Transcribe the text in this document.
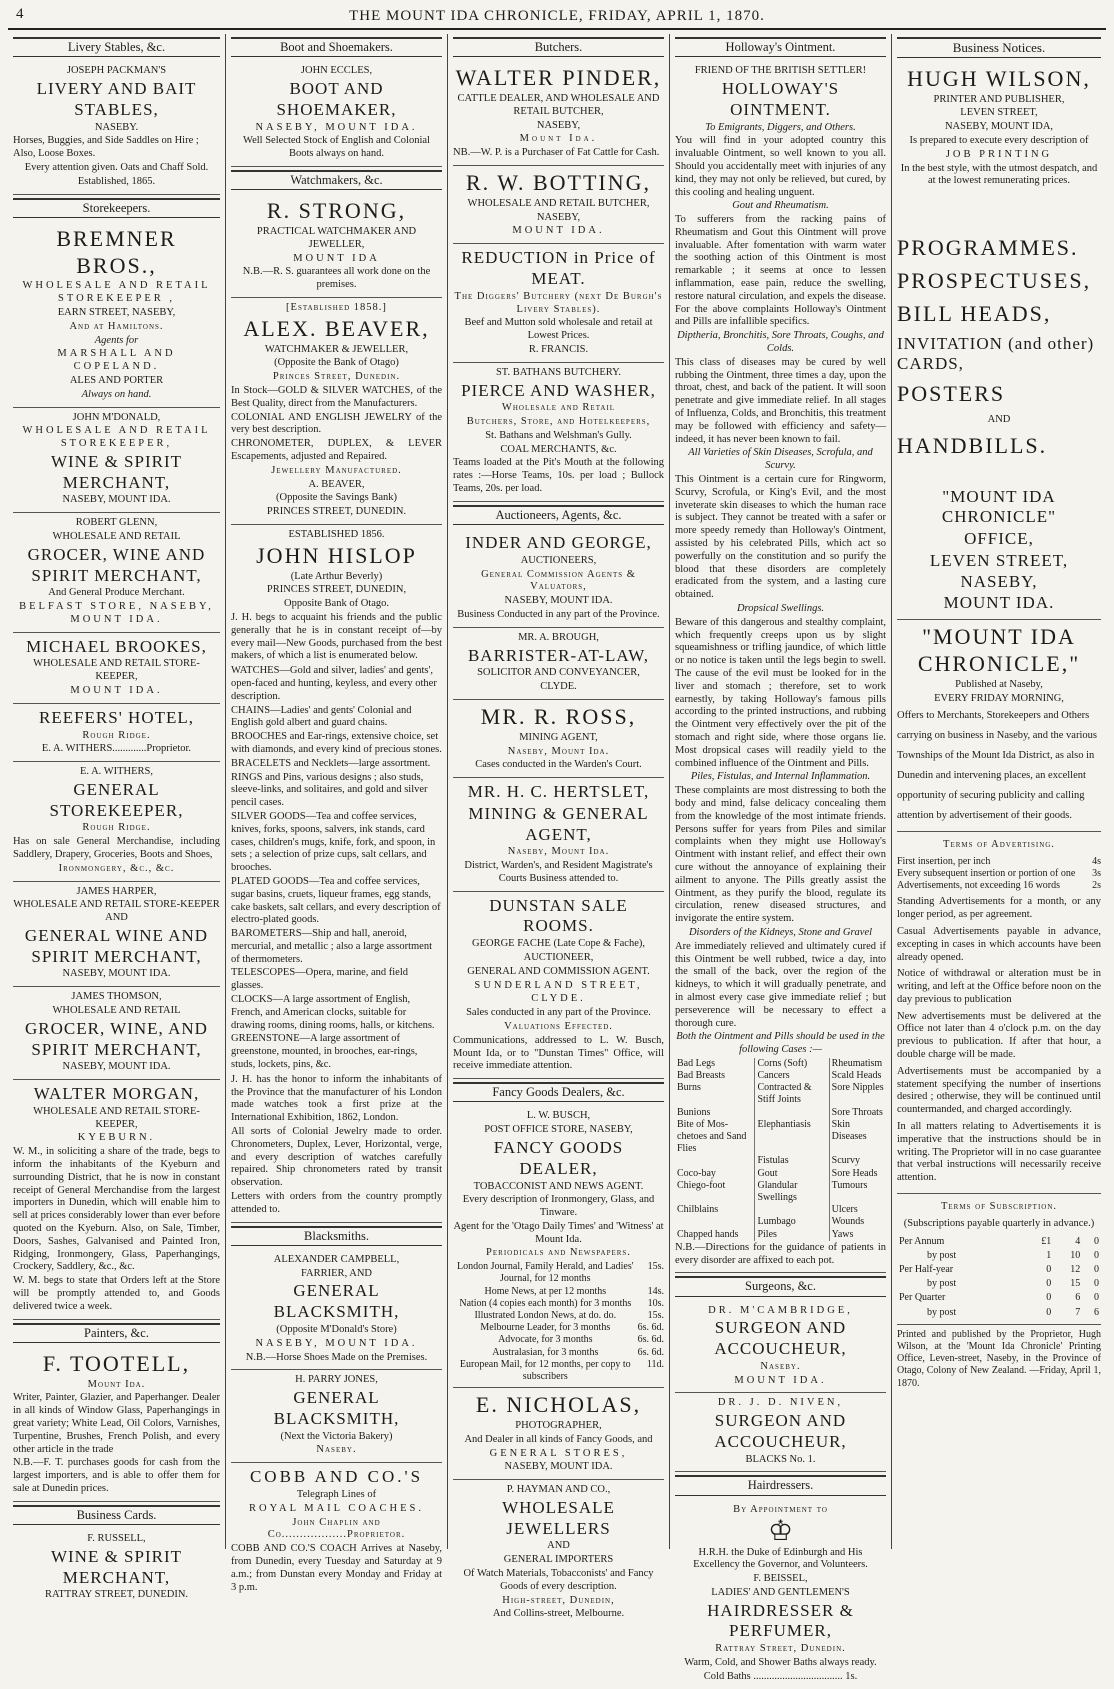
4	THE MOUNT IDA CHRONICLE, FRIDAY, APRIL 1, 1870.
Livery Stables, &c.

JOSEPH PACKMAN'S

LIVERY AND BAIT STABLES,

NASEBY.

Horses, Buggies, and Side Saddles on Hire ; Also, Loose Boxes.

Every attention given. Oats and Chaff Sold.

Established, 1865.

Storekeepers.

BREMNER BROS.,

WHOLESALE AND RETAIL STOREKEEPER ,

EARN STREET, NASEBY,

And at Hamiltons.

Agents for

MARSHALL AND COPELAND.

ALES AND PORTER

Always on hand.

JOHN M'DONALD,

WHOLESALE AND RETAIL STOREKEEPER,

WINE & SPIRIT MERCHANT,

NASEBY, MOUNT IDA.

ROBERT GLENN,

WHOLESALE AND RETAIL

GROCER, WINE AND SPIRIT MERCHANT,

And General Produce Merchant.

BELFAST STORE, NASEBY, MOUNT IDA.

MICHAEL BROOKES,

WHOLESALE AND RETAIL STORE-KEEPER,

MOUNT IDA.

REEFERS' HOTEL,

Rough Ridge.

E. A. WITHERS.............Proprietor.

E. A. WITHERS,

GENERAL STOREKEEPER,

Rough Ridge.

Has on sale General Merchandise, including Saddlery, Drapery, Groceries, Boots and Shoes,

Ironmongery, &c., &c.

JAMES HARPER,

WHOLESALE AND RETAIL STORE-KEEPER AND

GENERAL WINE AND SPIRIT MERCHANT,

NASEBY, MOUNT IDA.

JAMES THOMSON,

WHOLESALE AND RETAIL

GROCER, WINE, AND SPIRIT MERCHANT,

NASEBY, MOUNT IDA.

WALTER MORGAN,

WHOLESALE AND RETAIL STORE-KEEPER,

KYEBURN.

W. M., in soliciting a share of the trade, begs to inform the inhabitants of the Kyeburn and surrounding District, that he is now in constant receipt of General Merchandise from the largest importers in Dunedin, which will enable him to sell at prices considerably lower than ever before quoted on the Kyeburn. Also, on Sale, Timber, Doors, Sashes, Galvanised and Painted Iron, Ridging, Ironmongery, Glass, Paperhangings, Crockery, Saddlery, &c., &c.

W. M. begs to state that Orders left at the Store will be promptly attended to, and Goods delivered twice a week.

Painters, &c.

F. TOOTELL,

Mount Ida.

Writer, Painter, Glazier, and Paperhanger. Dealer in all kinds of Window Glass, Paperhangings in great variety; White Lead, Oil Colors, Varnishes, Turpentine, Brushes, French Polish, and every other article in the trade

N.B.—F. T. purchases goods for cash from the largest importers, and is able to offer them for sale at Dunedin prices.

Business Cards.

F. RUSSELL,

WINE & SPIRIT MERCHANT,

RATTRAY STREET, DUNEDIN.

Boot and Shoemakers.

JOHN ECCLES,

BOOT AND SHOEMAKER,

NASEBY, MOUNT IDA.

Well Selected Stock of English and Colonial Boots always on hand.

Watchmakers, &c.

R. STRONG,

PRACTICAL WATCHMAKER AND JEWELLER,

MOUNT IDA

N.B.—R. S. guarantees all work done on the premises.

[Established 1858.]

ALEX. BEAVER,

WATCHMAKER & JEWELLER,

(Opposite the Bank of Otago)

Princes Street, Dunedin.

In Stock—GOLD & SILVER WATCHES, of the Best Quality, direct from the Manufacturers.

COLONIAL AND ENGLISH JEWELRY of the very best description.

CHRONOMETER, DUPLEX, & LEVER Escapements, adjusted and Repaired.

Jewellery Manufactured.

A. BEAVER,

(Opposite the Savings Bank)

PRINCES STREET, DUNEDIN.

ESTABLISHED 1856.

JOHN HISLOP

(Late Arthur Beverly)

PRINCES STREET, DUNEDIN,

Opposite Bank of Otago.

J. H. begs to acquaint his friends and the public generally that he is in constant receipt of—by every mail—New Goods, purchased from the best makers, of which a list is enumerated below.

WATCHES—Gold and silver, ladies' and gents', open-faced and hunting, keyless, and every other description.
CHAINS—Ladies' and gents' Colonial and English gold albert and guard chains.
BROOCHES and Ear-rings, extensive choice, set with diamonds, and every kind of precious stones.
BRACELETS and Necklets—large assortment.
RINGS and Pins, various designs ; also studs, sleeve-links, and solitaires, and gold and silver pencil cases.
SILVER GOODS—Tea and coffee services, knives, forks, spoons, salvers, ink stands, card cases, children's mugs, knife, fork, and spoon, in sets ; a selection of prize cups, salt cellars, and brooches.
PLATED GOODS—Tea and coffee services, sugar basins, cruets, liqueur frames, egg stands, cake baskets, salt cellars, and every description of electro-plated goods.
BAROMETERS—Ship and hall, aneroid, mercurial, and metallic ; also a large assortment of thermometers.
TELESCOPES—Opera, marine, and field glasses.
CLOCKS—A large assortment of English, French, and American clocks, suitable for drawing rooms, dining rooms, halls, or kitchens.
GREENSTONE—A large assortment of greenstone, mounted, in brooches, ear-rings, studs, lockets, pins, &c.

J. H. has the honor to inform the inhabitants of the Province that the manufacturer of his London made watches took a first prize at the International Exhibition, 1862, London.

All sorts of Colonial Jewelry made to order. Chronometers, Duplex, Lever, Horizontal, verge, and every description of watches carefully repaired. Ship chronometers rated by transit observation.

Letters with orders from the country promptly attended to.

Blacksmiths.

ALEXANDER CAMPBELL,

FARRIER, AND

GENERAL BLACKSMITH,

(Opposite M'Donald's Store)

NASEBY, MOUNT IDA.

N.B.—Horse Shoes Made on the Premises.

H. PARRY JONES,

GENERAL BLACKSMITH,

(Next the Victoria Bakery)

Naseby.

COBB AND CO.'S

Telegraph Lines of

ROYAL MAIL COACHES.

John Chaplin and Co..................Proprietor.

COBB AND CO.'S COACH Arrives at Naseby, from Dunedin, every Tuesday and Saturday at 9 a.m.; from Dunstan every Monday and Friday at 3 p.m.

Butchers.

WALTER PINDER,

CATTLE DEALER, AND WHOLESALE AND RETAIL BUTCHER,

NASEBY,

Mount Ida.

NB.—W. P. is a Purchaser of Fat Cattle for Cash.

R. W. BOTTING,

WHOLESALE AND RETAIL BUTCHER,

NASEBY,

MOUNT IDA.

REDUCTION in Price of MEAT.

The Diggers' Butchery (next De Burgh's Livery Stables).

Beef and Mutton sold wholesale and retail at Lowest Prices.

R. FRANCIS.

ST. BATHANS BUTCHERY.

PIERCE AND WASHER,

Wholesale and Retail

Butchers, Store, and Hotelkeepers,

St. Bathans and Welshman's Gully.

COAL MERCHANTS, &c.

Teams loaded at the Pit's Mouth at the following rates :—Horse Teams, 10s. per load ; Bullock Teams, 20s. per load.

Auctioneers, Agents, &c.

INDER AND GEORGE,

AUCTIONEERS,

General Commission Agents & Valuators,

NASEBY, MOUNT IDA.

Business Conducted in any part of the Province.

MR. A. BROUGH,

BARRISTER-AT-LAW,

SOLICITOR AND CONVEYANCER,

CLYDE.

MR. R. ROSS,

MINING AGENT,

Naseby, Mount Ida.

Cases conducted in the Warden's Court.

MR. H. C. HERTSLET,

MINING & GENERAL AGENT,

Naseby, Mount Ida.

District, Warden's, and Resident Magistrate's Courts Business attended to.

DUNSTAN SALE ROOMS.

GEORGE FACHE (Late Cope & Fache),

AUCTIONEER,

GENERAL AND COMMISSION AGENT.

SUNDERLAND STREET,

CLYDE.

Sales conducted in any part of the Province.

Valuations Effected.

Communications, addressed to L. W. Busch, Mount Ida, or to "Dunstan Times" Office, will receive immediate attention.

Fancy Goods Dealers, &c.

L. W. BUSCH,

POST OFFICE STORE, NASEBY,

FANCY GOODS DEALER,

TOBACCONIST AND NEWS AGENT.

Every description of Ironmongery, Glass, and Tinware.

Agent for the 'Otago Daily Times' and 'Witness' at Mount Ida.

Periodicals and Newspapers.

London Journal, Family Herald, and Ladies' Journal, for 12 months	15s.
Home News, at per 12 months	14s.
Nation (4 copies each month) for 3 months	10s.
Illustrated London News, at do. do.	15s.
Melbourne Leader, for 3 months	6s. 6d.
Advocate, for 3 months	6s. 6d.
Australasian, for 3 months	6s. 6d.
European Mail, for 12 months, per copy to subscribers	11d.

E. NICHOLAS,

PHOTOGRAPHER,

And Dealer in all kinds of Fancy Goods, and

GENERAL STORES,

NASEBY, MOUNT IDA.

P. HAYMAN AND CO.,

WHOLESALE JEWELLERS

AND

GENERAL IMPORTERS

Of Watch Materials, Tobacconists' and Fancy Goods of every description.

High-street, Dunedin,

And Collins-street, Melbourne.

Holloway's Ointment.

FRIEND OF THE BRITISH SETTLER!

HOLLOWAY'S OINTMENT.

To Emigrants, Diggers, and Others.

You will find in your adopted country this invaluable Ointment, so well known to you all. Should you accidentally meet with injuries of any kind, they may not only be relieved, but cured, by this cooling and healing unguent.

Gout and Rheumatism.

To sufferers from the racking pains of Rheumatism and Gout this Ointment will prove invaluable. After fomentation with warm water the soothing action of this Ointment is most remarkable ; it seems at once to lessen inflammation, ease pain, reduce the swelling, restore natural circulation, and expels the disease. For the above complaints Holloway's Ointment and Pills are infallible specifics.

Diptheria, Bronchitis, Sore Throats, Coughs, and Colds.

This class of diseases may be cured by well rubbing the Ointment, three times a day, upon the throat, chest, and back of the patient. It will soon penetrate and give immediate relief. In all stages of Influenza, Colds, and Bronchitis, this treatment may be followed with efficiency and safety—indeed, it has never been known to fail.

All Varieties of Skin Diseases, Scrofula, and Scurvy.

This Ointment is a certain cure for Ringworm, Scurvy, Scrofula, or King's Evil, and the most inveterate skin diseases to which the human race is subject. They cannot be treated with a safer or more speedy remedy than Holloway's Ointment, assisted by his celebrated Pills, which act so powerfully on the constitution and so purify the blood that these disorders are completely eradicated from the system, and a lasting cure obtained.

Dropsical Swellings.

Beware of this dangerous and stealthy complaint, which frequently creeps upon us by slight squeamishness or trifling jaundice, of which little or no notice is taken until the legs begin to swell. The cause of the evil must be looked for in the liver and stomach ; therefore, set to work earnestly, by taking Holloway's famous pills according to the printed instructions, and rubbing the Ointment very effectively over the pit of the stomach and right side, where those organs lie. Most dropsical cases will readily yield to the combined influence of the Ointment and Pills.

Piles, Fistulas, and Internal Inflammation.

These complaints are most distressing to both the body and mind, false delicacy concealing them from the knowledge of the most intimate friends. Persons suffer for years from Piles and similar complaints when they might use Holloway's Ointment with instant relief, and effect their own cure without the annoyance of explaining their ailment to anyone. The Pills greatly assist the Ointment, as they purify the blood, regulate its circulation, renew diseased structures, and invigorate the entire system.

Disorders of the Kidneys, Stone and Gravel

Are immediately relieved and ultimately cured if this Ointment be well rubbed, twice a day, into the small of the back, over the region of the kidneys, to which it will gradually penetrate, and in almost every case give immediate relief ; but perseverence will be necessary to effect a thorough cure.

Both the Ointment and Pills should be used in the following Cases :—

Bad Legs	Corns (Soft)	Rheumatism
Bad Breasts	Cancers	Scald Heads
Burns	Contracted & Stiff Joints	Sore Nipples
Bunions		Sore Throats
Bite of Mos-chetoes and Sand Flies	Elephantiasis	Skin Diseases
	Fistulas	Scurvy
Coco-bay	Gout	Sore Heads
Chiego-foot	Glandular Swellings	Tumours
Chilblains		Ulcers
	Lumbago	Wounds
Chapped hands	Piles	Yaws

N.B.—Directions for the guidance of patients in every disorder are affixed to each pot.

Surgeons, &c.

DR. M'CAMBRIDGE,

SURGEON AND ACCOUCHEUR,

Naseby.

MOUNT IDA.

DR. J. D. NIVEN,

SURGEON AND ACCOUCHEUR,

BLACKS No. 1.

Hairdressers.

By Appointment to

♔

H.R.H. the Duke of Edinburgh and His Excellency the Governor, and Volunteers.

F. BEISSEL,

LADIES' AND GENTLEMEN'S

HAIRDRESSER & PERFUMER,

Rattray Street, Dunedin.

Warm, Cold, and Shower Baths always ready.

Cold Baths .................................. 1s.

Business Notices.

HUGH WILSON,

PRINTER AND PUBLISHER,

LEVEN STREET,

NASEBY, MOUNT IDA,

Is prepared to execute every description of

JOB PRINTING

In the best style, with the utmost despatch, and at the lowest remunerating prices.

PROGRAMMES.

PROSPECTUSES,

BILL HEADS,

INVITATION (and other) CARDS,

POSTERS

AND

HANDBILLS.

"MOUNT IDA CHRONICLE"

OFFICE,

LEVEN STREET, NASEBY,

MOUNT IDA.

"MOUNT IDA CHRONICLE,"

Published at Naseby,

EVERY FRIDAY MORNING,

Offers to Merchants, Storekeepers and Others carrying on business in Naseby, and the various Townships of the Mount Ida District, as also in Dunedin and intervening places, an excellent opportunity of securing publicity and calling attention by advertisement of their goods.

Terms of Advertising.

First insertion, per inch	4s
Every subsequent insertion or portion of one	3s
Advertisements, not exceeding 16 words	2s

Standing Advertisements for a month, or any longer period, as per agreement.

Casual Advertisements payable in advance, excepting in cases in which accounts have been already opened.

Notice of withdrawal or alteration must be in writing, and left at the Office before noon on the day previous to publication

New advertisements must be delivered at the Office not later than 4 o'clock p.m. on the day previous to publication. If after that hour, a double charge will be made.

Advertisements must be accompanied by a statement specifying the number of insertions desired ; otherwise, they will be continued until countermanded, and charged accordingly.

In all matters relating to Advertisements it is imperative that the instructions should be in writing. The Proprietor will in no case guarantee that verbal instructions will necessarily receive attention.

Terms of Subscription.

(Subscriptions payable quarterly in advance.)

Per Annum	£1	4	0
by post	1	10	0
Per Half-year	0	12	0
by post	0	15	0
Per Quarter	0	6	0
by post	0	7	6

Printed and published by the Proprietor, Hugh Wilson, at the 'Mount Ida Chronicle' Printing Office, Leven-street, Naseby, in the Province of Otago, Colony of New Zealand. —Friday, April 1, 1870.
